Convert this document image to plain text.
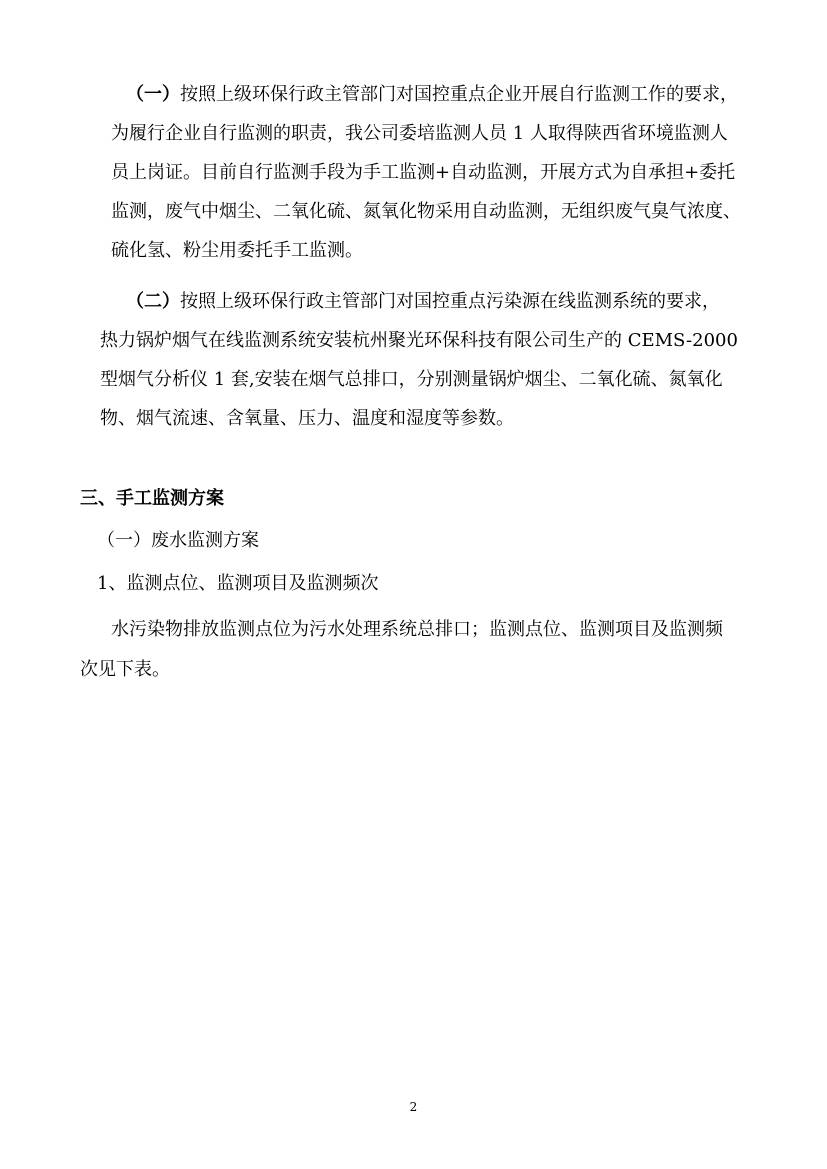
（一）按照上级环保行政主管部门对国控重点企业开展自行监测工作的要求，
为履行企业自行监测的职责，我公司委培监测人员 1 人取得陕西省环境监测人
员上岗证。目前自行监测手段为手工监测+自动监测，开展方式为自承担+委托
监测，废气中烟尘、二氧化硫、氮氧化物采用自动监测，无组织废气臭气浓度、
硫化氢、粉尘用委托手工监测。
（二）按照上级环保行政主管部门对国控重点污染源在线监测系统的要求，
热力锅炉烟气在线监测系统安装杭州聚光环保科技有限公司生产的 CEMS-2000
型烟气分析仪 1 套,安装在烟气总排口，分别测量锅炉烟尘、二氧化硫、氮氧化
物、烟气流速、含氧量、压力、温度和湿度等参数。
三、手工监测方案
（一）废水监测方案
1、监测点位、监测项目及监测频次
水污染物排放监测点位为污水处理系统总排口；监测点位、监测项目及监测频
次见下表。
2
